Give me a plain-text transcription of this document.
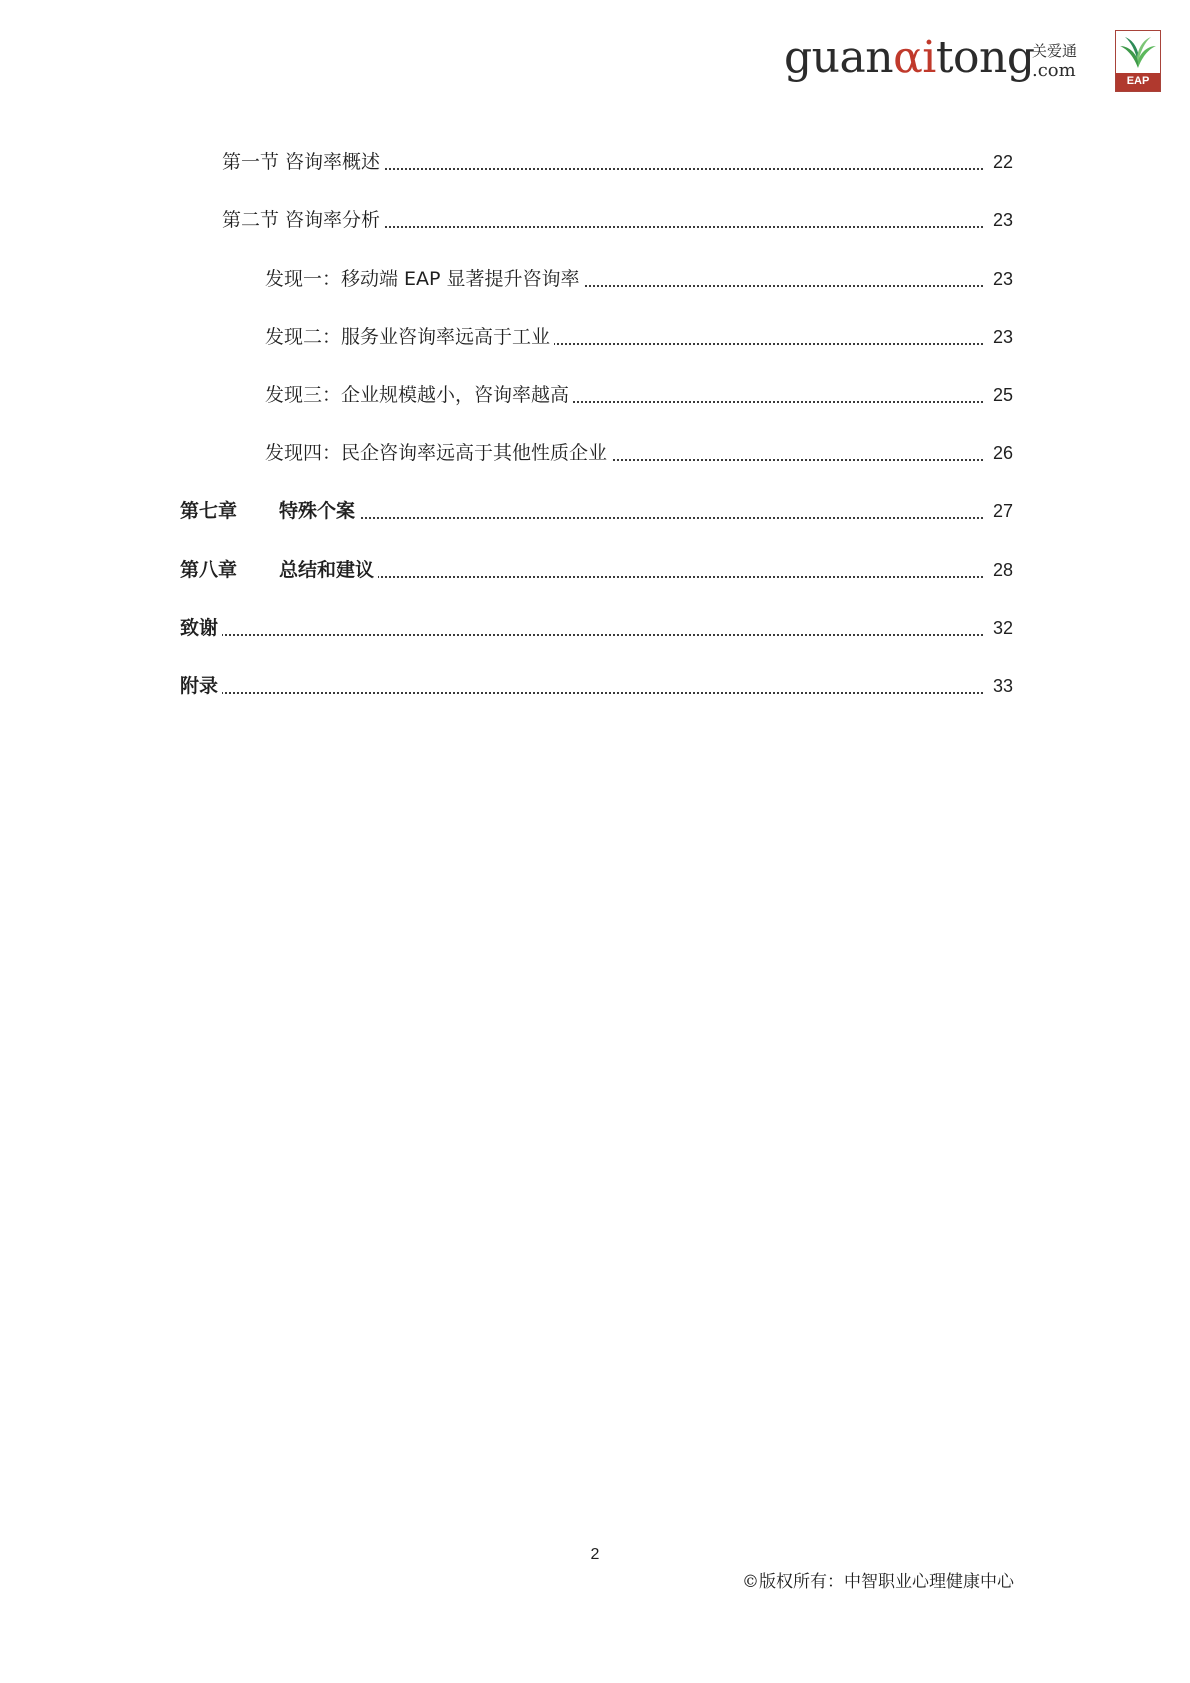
guanαitong
关爱通
.com	EAP
第一节 咨询率概述	22
第二节 咨询率分析	23
发现一：移动端 EAP 显著提升咨询率	23
发现二：服务业咨询率远高于工业	23
发现三：企业规模越小，咨询率越高	25
发现四：民企咨询率远高于其他性质企业	26
第七章 特殊个案	27
第八章 总结和建议	28
致谢	32
附录	33
2
©版权所有：中智职业心理健康中心
